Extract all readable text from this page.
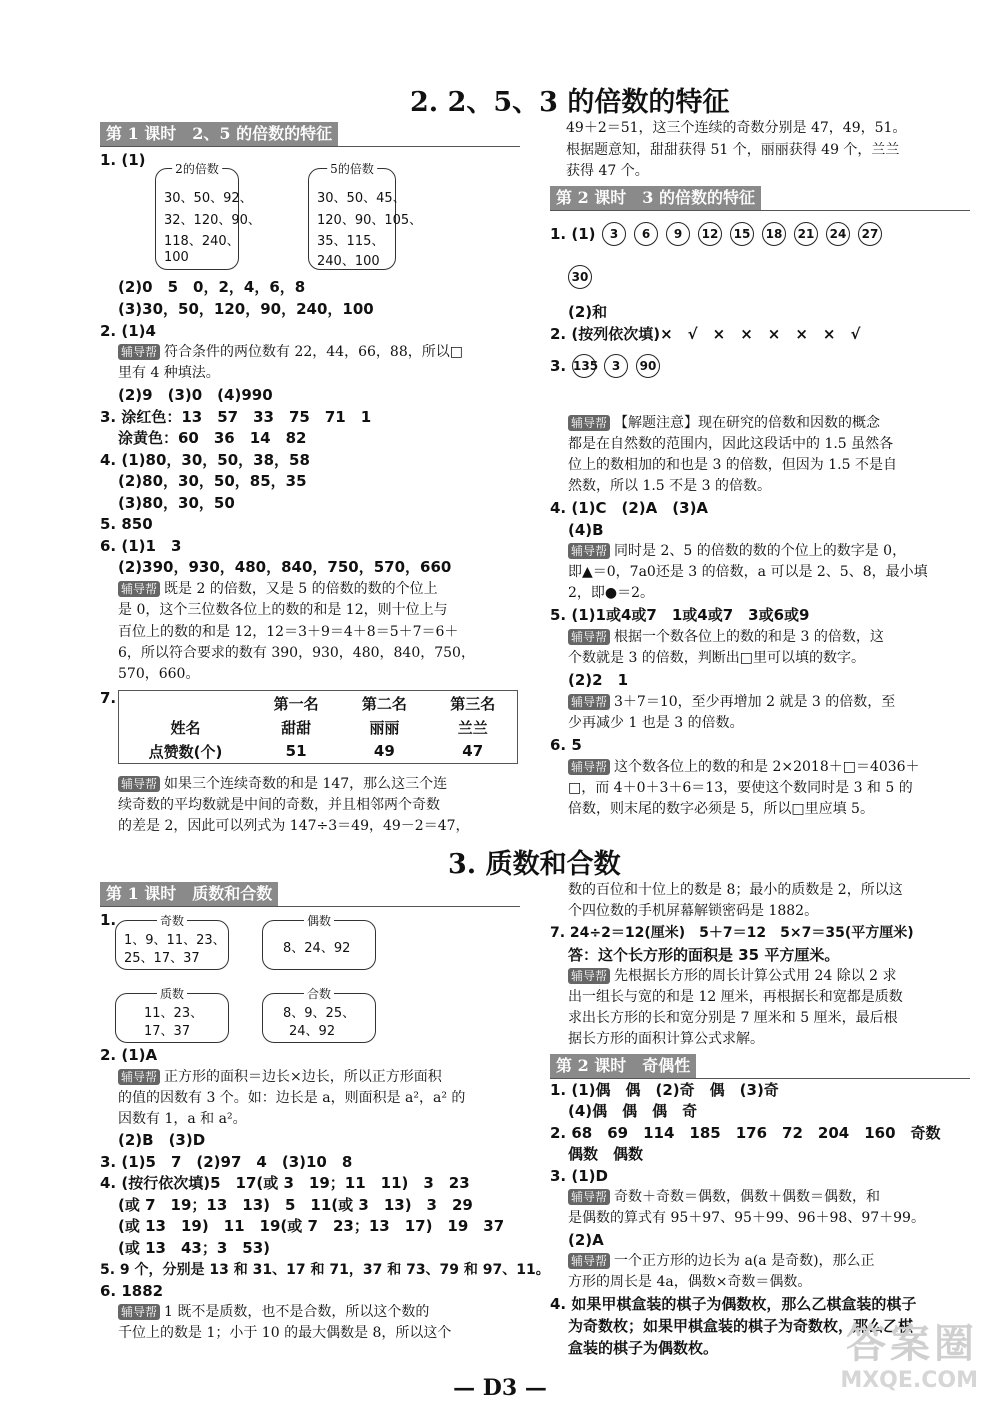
2. 2、5、3 的倍数的特征
第 1 课时　2、5 的倍数的特征
1. (1) 2的倍数
30、50、92、
32、120、90、
118、240、
100
5的倍数
30、50、45、
120、90、105、
35、115、
240、100
(2)0　5　0，2，4，6，8
(3)30，50，120，90，240，100
2. (1)4
辅导帮 符合条件的两位数有 22，44，66，88，所以□
里有 4 种填法。
(2)9　(3)0　(4)990
3. 涂红色：13　57　33　75　71　1
涂黄色：60　36　14　82
4. (1)80，30，50，38，58
(2)80，30，50，85，35
(3)80，30，50
5. 850
6. (1)1　3
(2)390，930，480，840，750，570，660
辅导帮 既是 2 的倍数，又是 5 的倍数的数的个位上
是 0，这个三位数各位上的数的和是 12，则十位上与
百位上的数的和是 12，12＝3＋9＝4＋8＝5＋7＝6＋
6，所以符合要求的数有 390，930，480，840，750，
570，660。
7.
		第一名	第二名	第三名
姓名	甜甜	丽丽	兰兰
点赞数(个)	51	49	47
辅导帮 如果三个连续奇数的和是 147，那么这三个连
续奇数的平均数就是中间的奇数，并且相邻两个奇数
的差是 2，因此可以列式为 147÷3＝49，49－2＝47，
49＋2＝51，这三个连续的奇数分别是 47，49，51。
根据题意知，甜甜获得 51 个，丽丽获得 49 个，兰兰
获得 47 个。
第 2 课时　3 的倍数的特征
1. (1)	3 6 9 12 15 18 21 24 27
30
(2)和
2. (按列依次填)×　√　×　×　×　×　×　√
3. 135 3 90
辅导帮 【解题注意】现在研究的倍数和因数的概念
都是在自然数的范围内，因此这段话中的 1.5 虽然各
位上的数相加的和也是 3 的倍数，但因为 1.5 不是自
然数，所以 1.5 不是 3 的倍数。
4. (1)C　(2)A　(3)A
(4)B
辅导帮 同时是 2、5 的倍数的数的个位上的数字是 0，
即▲＝0，7a0还是 3 的倍数，a 可以是 2、5、8，最小填
2，即●＝2。
5. (1)1或4或7　1或4或7　3或6或9
辅导帮 根据一个数各位上的数的和是 3 的倍数，这
个数就是 3 的倍数，判断出□里可以填的数字。
(2)2　1
辅导帮 3＋7＝10，至少再增加 2 就是 3 的倍数，至
少再减少 1 也是 3 的倍数。
6. 5
辅导帮 这个数各位上的数的和是 2×2018＋□＝4036＋
□，而 4＋0＋3＋6＝13，要使这个数同时是 3 和 5 的
倍数，则末尾的数字必须是 5，所以□里应填 5。
3. 质数和合数
第 1 课时　质数和合数
1.	奇数
1、9、11、23、
25、17、37
偶数
8、24、92
质数
11、23、
17、37
合数
8、9、25、
24、92
2. (1)A
辅导帮 正方形的面积＝边长×边长，所以正方形面积
的值的因数有 3 个。如：边长是 a，则面积是 a²，a² 的
因数有 1，a 和 a²。
(2)B　(3)D
3. (1)5　7　(2)97　4　(3)10　8
4. (按行依次填)5　17(或 3　19；11　11)　3　23
(或 7　19；13　13)　5　11(或 3　13)　3　29
(或 13　19)　11　19(或 7　23；13　17)　19　37
(或 13　43；3　53)
5. 9 个，分别是 13 和 31、17 和 71，37 和 73、79 和 97、11。
6. 1882
辅导帮 1 既不是质数，也不是合数，所以这个数的
千位上的数是 1；小于 10 的最大偶数是 8，所以这个
数的百位和十位上的数是 8；最小的质数是 2，所以这
个四位数的手机屏幕解锁密码是 1882。
7. 24÷2＝12(厘米)　5＋7＝12　5×7＝35(平方厘米)
答：这个长方形的面积是 35 平方厘米。
辅导帮 先根据长方形的周长计算公式用 24 除以 2 求
出一组长与宽的和是 12 厘米，再根据长和宽都是质数
求出长方形的长和宽分别是 7 厘米和 5 厘米，最后根
据长方形的面积计算公式求解。
第 2 课时　奇偶性
1. (1)偶　偶　(2)奇　偶　(3)奇
(4)偶　偶　偶　奇
2. 68　69　114　185　176　72　204　160　奇数
偶数　偶数
3. (1)D
辅导帮 奇数＋奇数＝偶数，偶数＋偶数＝偶数，和
是偶数的算式有 95＋97、95＋99、96＋98、97＋99。
(2)A
辅导帮 一个正方形的边长为 a(a 是奇数)，那么正
方形的周长是 4a，偶数×奇数＝偶数。
4. 如果甲棋盒装的棋子为偶数枚，那么乙棋盒装的棋子
为奇数枚；如果甲棋盒装的棋子为奇数枚，那么乙棋
盒装的棋子为偶数枚。	答案圈
MXQE.COM
— D3 —
